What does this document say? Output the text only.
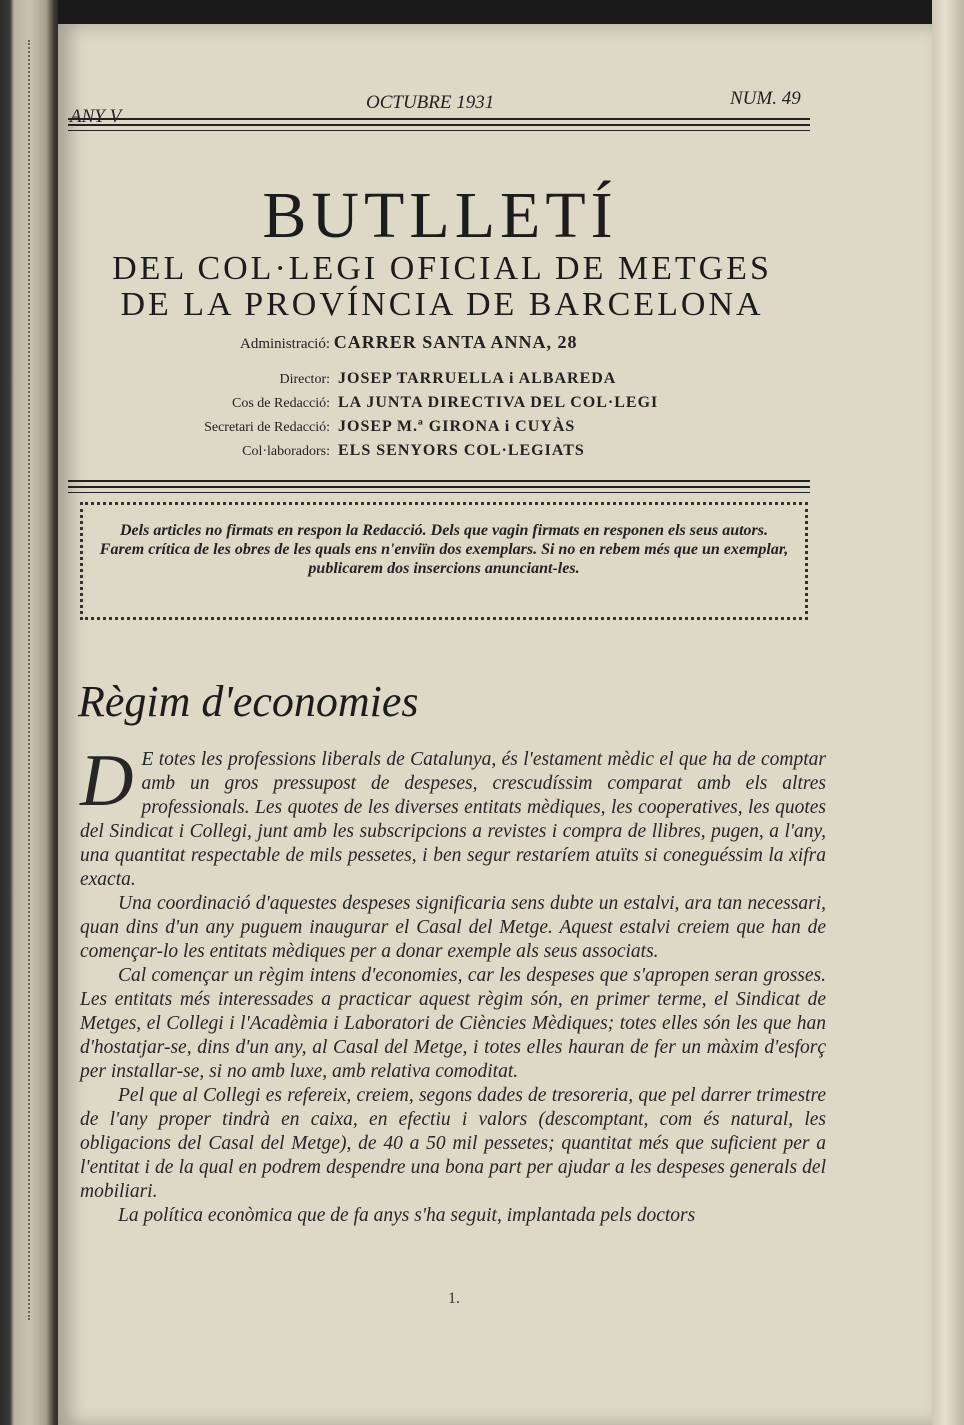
ANY V
OCTUBRE 1931	NUM. 49
BUTLLETÍ
DEL COL·LEGI OFICIAL DE METGES
DE LA PROVÍNCIA DE BARCELONA
Administració: CARRER SANTA ANNA, 28
Director: JOSEP TARRUELLA i ALBAREDA
Cos de Redacció: LA JUNTA DIRECTIVA DEL COL·LEGI
Secretari de Redacció: JOSEP M.ª GIRONA i CUYÀS
Col·laboradors: ELS SENYORS COL·LEGIATS

Dels articles no firmats en respon la Redacció. Dels que vagin firmats en responen els seus autors.

Farem crítica de les obres de les quals ens n'enviïn dos exemplars. Si no en rebem més que un exemplar, publicarem dos insercions anunciant-les.

Règim d'economies

D E totes les professions liberals de Catalunya, és l'estament mèdic el que ha de comptar amb un gros pressupost de despeses, crescudíssim comparat amb els altres professionals. Les quotes de les diverses entitats mèdiques, les cooperatives, les quotes del Sindicat i Collegi, junt amb les subscripcions a revistes i compra de llibres, pugen, a l'any, una quantitat respectable de mils pessetes, i ben segur restaríem atuïts si coneguéssim la xifra exacta.

Una coordinació d'aquestes despeses significaria sens dubte un estalvi, ara tan necessari, quan dins d'un any puguem inaugurar el Casal del Metge. Aquest estalvi creiem que han de començar-lo les entitats mèdiques per a donar exemple als seus associats.

Cal començar un règim intens d'economies, car les despeses que s'apropen seran grosses. Les entitats més interessades a practicar aquest règim són, en primer terme, el Sindicat de Metges, el Collegi i l'Acadèmia i Laboratori de Ciències Mèdiques; totes elles són les que han d'hostatjar-se, dins d'un any, al Casal del Metge, i totes elles hauran de fer un màxim d'esforç per installar-se, si no amb luxe, amb relativa comoditat.

Pel que al Collegi es refereix, creiem, segons dades de tresoreria, que pel darrer trimestre de l'any proper tindrà en caixa, en efectiu i valors (descomptant, com és natural, les obligacions del Casal del Metge), de 40 a 50 mil pessetes; quantitat més que suficient per a l'entitat i de la qual en podrem despendre una bona part per ajudar a les despeses generals del mobiliari.

La política econòmica que de fa anys s'ha seguit, implantada pels doctors

1.
